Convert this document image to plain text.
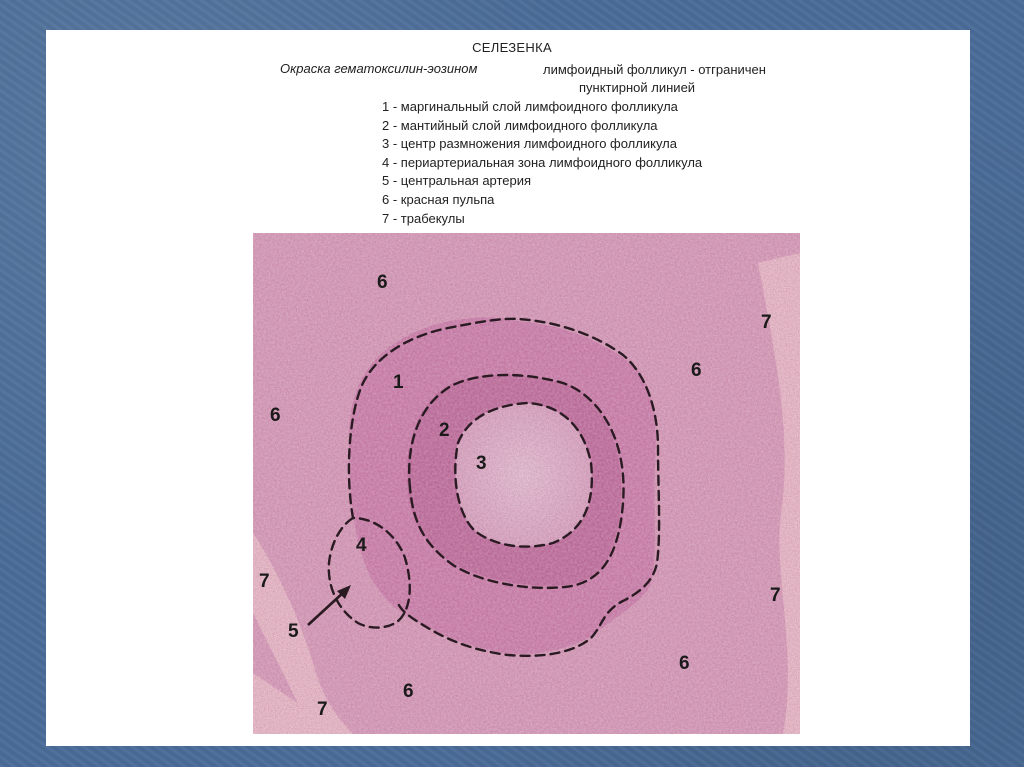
СЕЛЕЗЕНКА
Окраска гематоксилин-эозином	лимфоидный фолликул - отграничен
пунктирной линией
1 - маргинальный слой лимфоидного фолликула
2 - мантийный слой лимфоидного фолликула
3 - центр размножения лимфоидного фолликула
4 - периартериальная зона лимфоидного фолликула
5 - центральная артерия
6 - красная пульпа
7 - трабекулы
6
7
6
1
6
2
3
4
7
7
5
6
6
7
